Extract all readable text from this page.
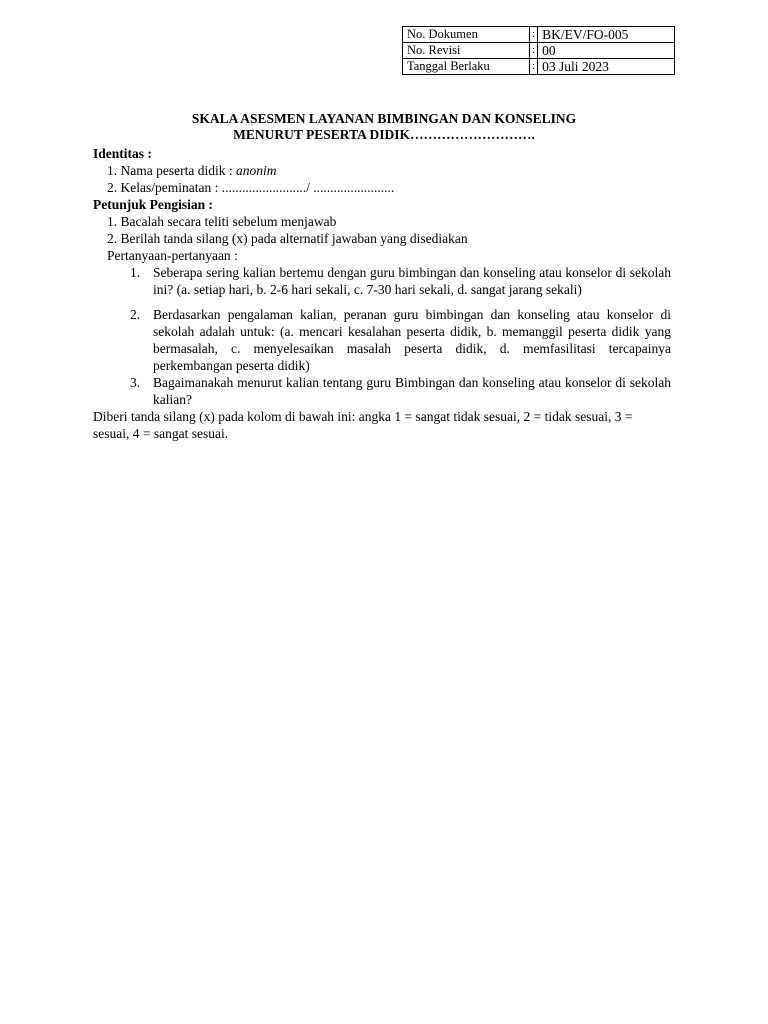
No. Dokumen	:	BK/EV/FO-005
No. Revisi	:	00
Tanggal Berlaku	:	03 Juli 2023
SKALA ASESMEN LAYANAN BIMBINGAN DAN KONSELING
MENURUT PESERTA DIDIK……………………….
Identitas :
1. Nama peserta didik : anonim
2. Kelas/peminatan : ........................./ ........................
Petunjuk Pengisian :
1. Bacalah secara teliti sebelum menjawab
2. Berilah tanda silang (x) pada alternatif jawaban yang disediakan
Pertanyaan-pertanyaan :
1. Seberapa sering kalian bertemu dengan guru bimbingan dan konseling atau konselor di sekolah ini? (a. setiap hari, b. 2-6 hari sekali, c. 7-30 hari sekali, d. sangat jarang sekali)
2. Berdasarkan pengalaman kalian, peranan guru bimbingan dan konseling atau konselor di sekolah adalah untuk: (a. mencari kesalahan peserta didik, b. memanggil peserta didik yang bermasalah, c. menyelesaikan masalah peserta didik, d. memfasilitasi tercapainya perkembangan peserta didik)
3. Bagaimanakah menurut kalian tentang guru Bimbingan dan konseling atau konselor di sekolah kalian?
Diberi tanda silang (x) pada kolom di bawah ini: angka 1 = sangat tidak sesuai, 2 = tidak sesuai, 3 = sesuai, 4 = sangat sesuai.
